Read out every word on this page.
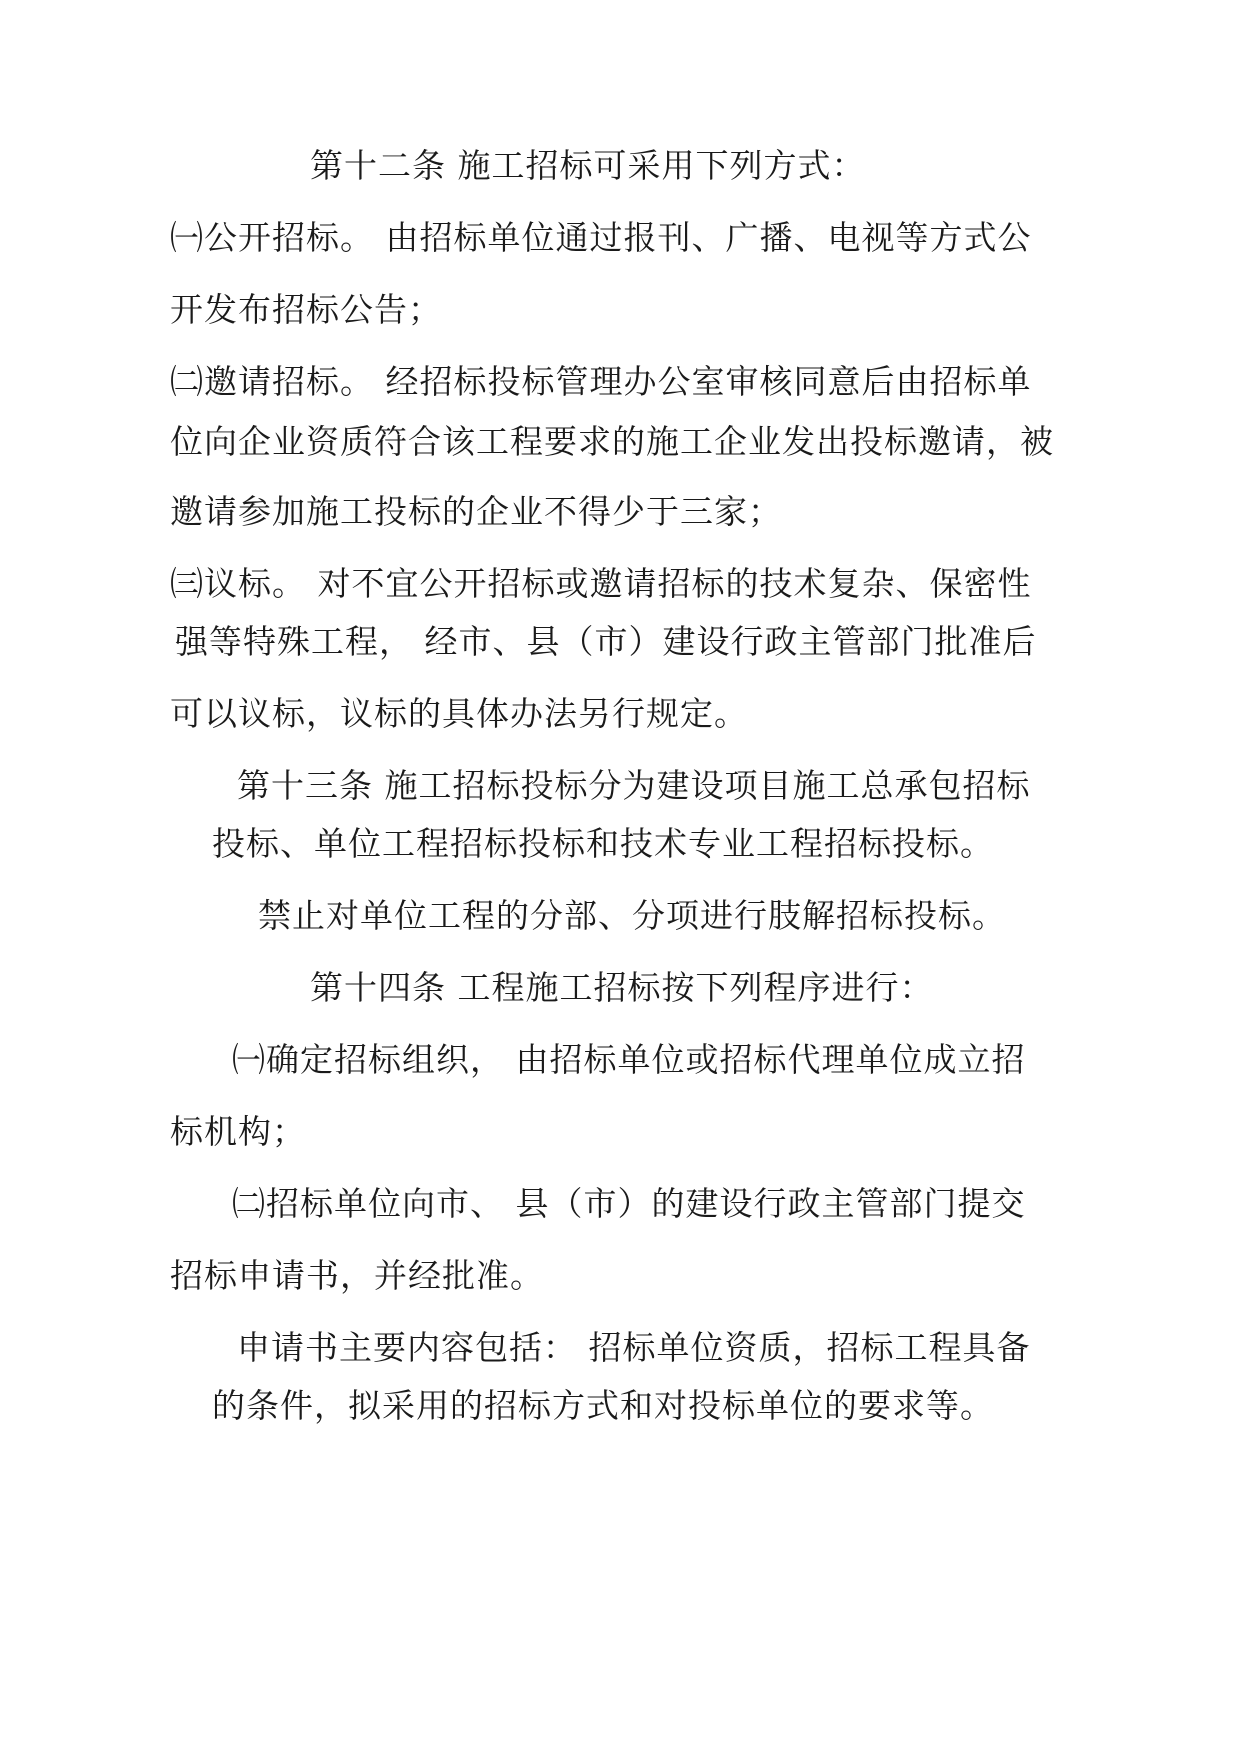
第十二条 施工招标可采用下列方式：
㈠公开招标。 由招标单位通过报刊、广播、电视等方式公
开发布招标公告；
㈡邀请招标。 经招标投标管理办公室审核同意后由招标单
位向企业资质符合该工程要求的施工企业发出投标邀请，被
邀请参加施工投标的企业不得少于三家；
㈢议标。 对不宜公开招标或邀请招标的技术复杂、保密性
强等特殊工程， 经市、县（市）建设行政主管部门批准后
可以议标，议标的具体办法另行规定。
第十三条 施工招标投标分为建设项目施工总承包招标
投标、单位工程招标投标和技术专业工程招标投标。
禁止对单位工程的分部、分项进行肢解招标投标。
第十四条 工程施工招标按下列程序进行：
㈠确定招标组织， 由招标单位或招标代理单位成立招
标机构；
㈡招标单位向市、 县（市）的建设行政主管部门提交
招标申请书，并经批准。
申请书主要内容包括： 招标单位资质，招标工程具备
的条件，拟采用的招标方式和对投标单位的要求等。
